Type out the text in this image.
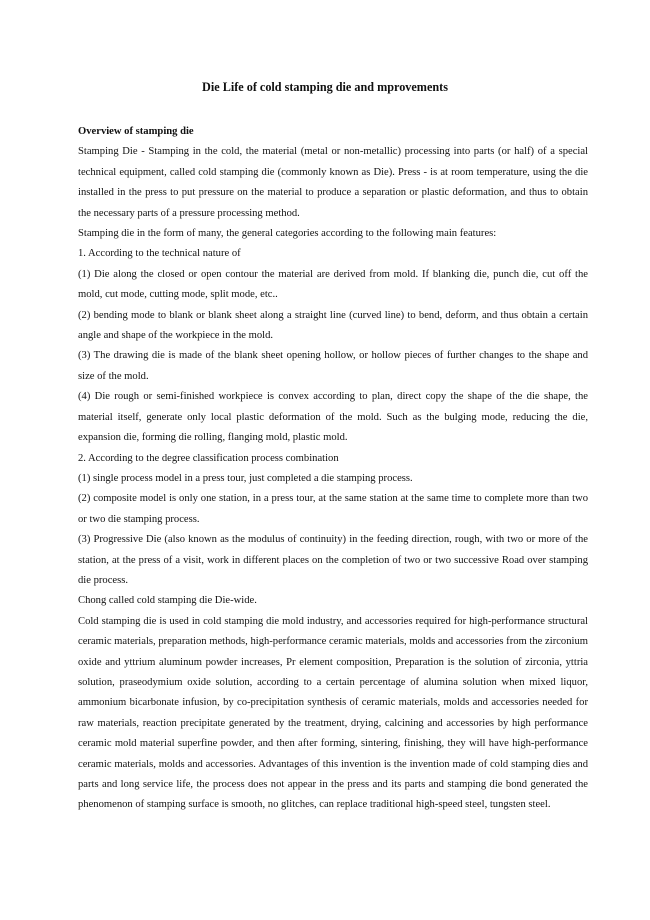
Die Life of cold stamping die and mprovements

Overview of stamping die

Stamping Die - Stamping in the cold, the material (metal or non-metallic) processing into parts (or half) of a special technical equipment, called cold stamping die (commonly known as Die). Press - is at room temperature, using the die installed in the press to put pressure on the material to produce a separation or plastic deformation, and thus to obtain the necessary parts of a pressure processing method.

Stamping die in the form of many, the general categories according to the following main features:

1. According to the technical nature of

(1) Die along the closed or open contour the material are derived from mold. If blanking die, punch die, cut off the mold, cut mode, cutting mode, split mode, etc..

(2) bending mode to blank or blank sheet along a straight line (curved line) to bend, deform, and thus obtain a certain angle and shape of the workpiece in the mold.

(3) The drawing die is made of the blank sheet opening hollow, or hollow pieces of further changes to the shape and size of the mold.

(4) Die rough or semi-finished workpiece is convex according to plan, direct copy the shape of the die shape, the material itself, generate only local plastic deformation of the mold. Such as the bulging mode, reducing the die, expansion die, forming die rolling, flanging mold, plastic mold.

2. According to the degree classification process combination

(1) single process model in a press tour, just completed a die stamping process.

(2) composite model is only one station, in a press tour, at the same station at the same time to complete more than two or two die stamping process.

(3) Progressive Die (also known as the modulus of continuity) in the feeding direction, rough, with two or more of the station, at the press of a visit, work in different places on the completion of two or two successive Road over stamping die process.

Chong called cold stamping die Die-wide.

Cold stamping die is used in cold stamping die mold industry, and accessories required for high-performance structural ceramic materials, preparation methods, high-performance ceramic materials, molds and accessories from the zirconium oxide and yttrium aluminum powder increases, Pr element composition, Preparation is the solution of zirconia, yttria solution, praseodymium oxide solution, according to a certain percentage of alumina solution when mixed liquor, ammonium bicarbonate infusion, by co-precipitation synthesis of ceramic materials, molds and accessories needed for raw materials, reaction precipitate generated by the treatment, drying, calcining and accessories by high performance ceramic mold material superfine powder, and then after forming, sintering, finishing, they will have high-performance ceramic materials, molds and accessories. Advantages of this invention is the invention made of cold stamping dies and parts and long service life, the process does not appear in the press and its parts and stamping die bond generated the phenomenon of stamping surface is smooth, no glitches, can replace traditional high-speed steel, tungsten steel.
